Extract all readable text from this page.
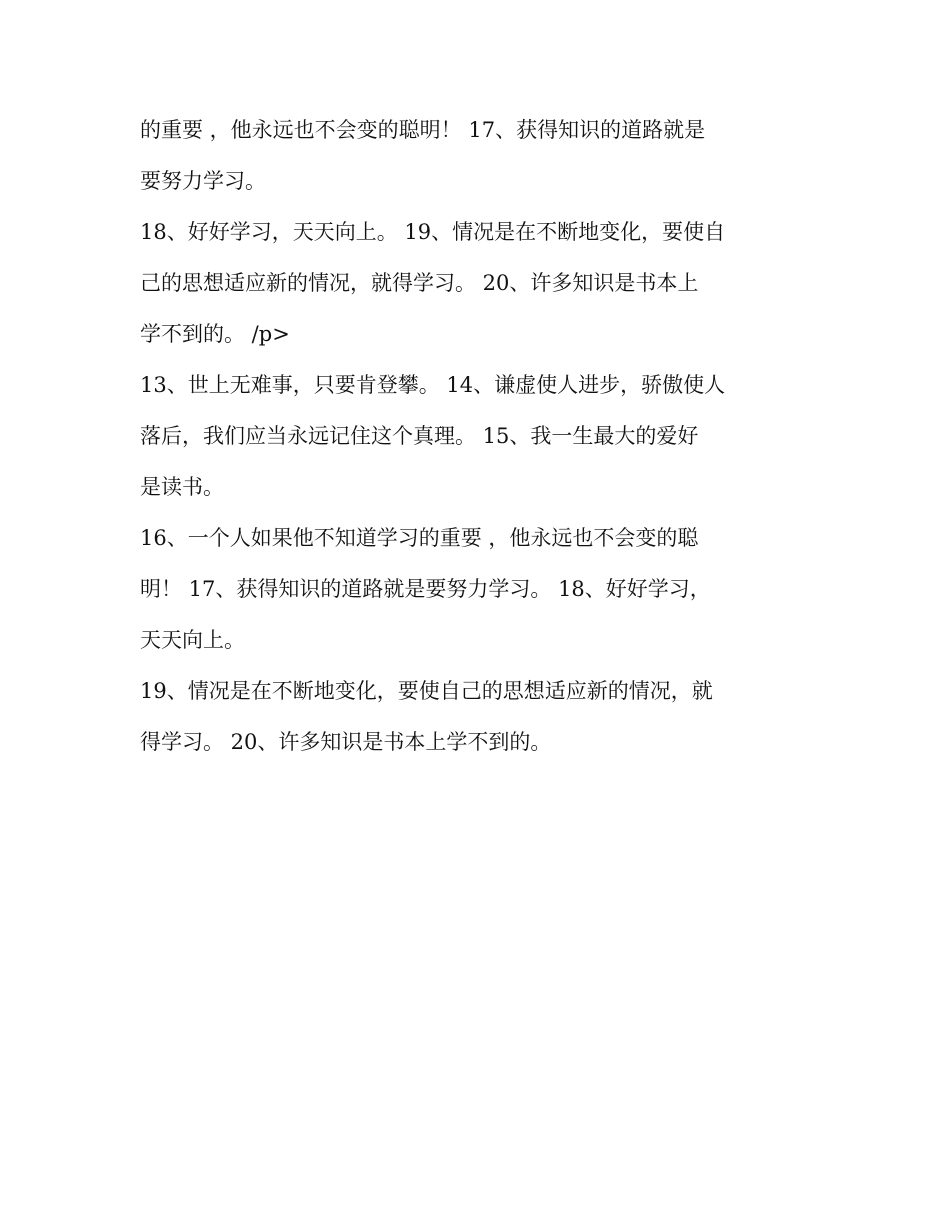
的重要 ，他永远也不会变的聪明！ 17、获得知识的道路就是
要努力学习。
18、好好学习，天天向上。 19、情况是在不断地变化，要使自
己的思想适应新的情况，就得学习。 20、许多知识是书本上
学不到的。 /p>
13、世上无难事，只要肯登攀。 14、谦虚使人进步，骄傲使人
落后，我们应当永远记住这个真理。 15、我一生最大的爱好
是读书。
16、一个人如果他不知道学习的重要 ，他永远也不会变的聪
明！ 17、获得知识的道路就是要努力学习。 18、好好学习，
天天向上。
19、情况是在不断地变化，要使自己的思想适应新的情况，就
得学习。 20、许多知识是书本上学不到的。
